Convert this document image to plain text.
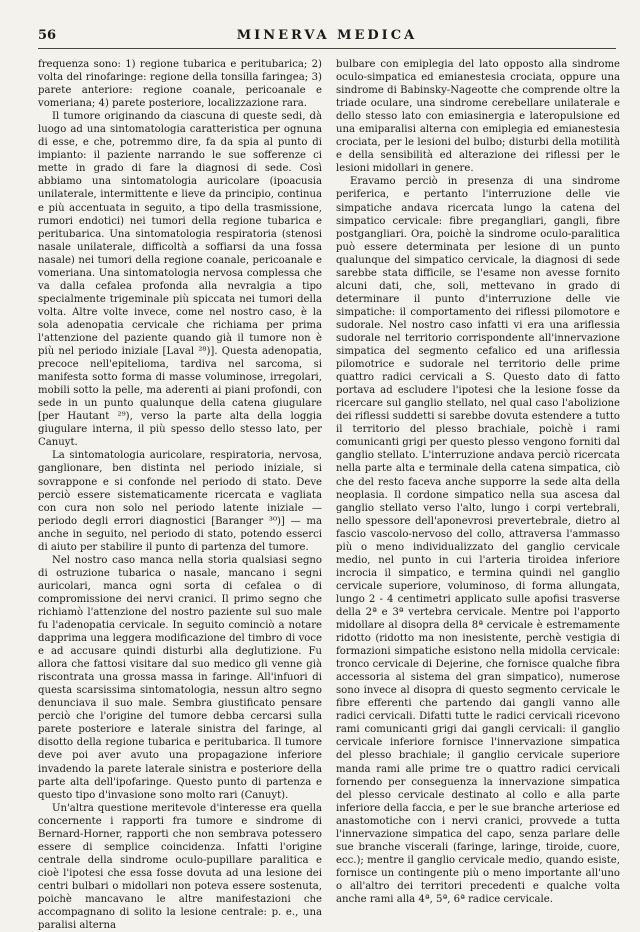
56	MINERVA MEDICA

frequenza sono: 1) regione tubarica e peritubarica; 2) volta del rinofaringe: regione della tonsilla faringea; 3) parete anteriore: regione coanale, pericoanale e vomeriana; 4) parete posteriore, localizzazione rara.

Il tumore originando da ciascuna di queste sedi, dà luogo ad una sintomatologia caratteristica per ognuna di esse, e che, potremmo dire, fa da spia al punto di impianto: il paziente narrando le sue sofferenze ci mette in grado di fare la diagnosi di sede. Così abbiamo una sintomatologia auricolare (ipoacusia unilaterale, intermittente e lieve da principio, continua e più accentuata in seguito, a tipo della trasmissione, rumori endotici) nei tumori della regione tubarica e peritubarica. Una sintomatologia respiratoria (stenosi nasale unilaterale, difficoltà a soffiarsi da una fossa nasale) nei tumori della regione coanale, pericoanale e vomeriana. Una sintomatologia nervosa complessa che va dalla cefalea profonda alla nevralgia a tipo specialmente trigeminale più spiccata nei tumori della volta. Altre volte invece, come nel nostro caso, è la sola adenopatia cervicale che richiama per prima l'attenzione del paziente quando già il tumore non è più nel periodo iniziale [Laval ²⁸)]. Questa adenopatia, precoce nell'epitelioma, tardiva nel sarcoma, si manifesta sotto forma di masse voluminose, irregolari, mobili sotto la pelle, ma aderenti ai piani profondi, con sede in un punto qualunque della catena giugulare [per Hautant ²⁹), verso la parte alta della loggia giugulare interna, il più spesso dello stesso lato, per Canuyt.

La sintomatologia auricolare, respiratoria, nervosa, ganglionare, ben distinta nel periodo iniziale, si sovrappone e si confonde nel periodo di stato. Deve perciò essere sistematicamente ricercata e vagliata con cura non solo nel periodo latente iniziale — periodo degli errori diagnostici [Baranger ³⁰)] — ma anche in seguito, nel periodo di stato, potendo esserci di aiuto per stabilire il punto di partenza del tumore.

Nel nostro caso manca nella storia qualsiasi segno di ostruzione tubarica o nasale, mancano i segni auricolari, manca ogni sorta di cefalea o di compromissione dei nervi cranici. Il primo segno che richiamò l'attenzione del nostro paziente sul suo male fu l'adenopatia cervicale. In seguito cominciò a notare dapprima una leggera modificazione del timbro di voce e ad accusare quindi disturbi alla deglutizione. Fu allora che fattosi visitare dal suo medico gli venne già riscontrata una grossa massa in faringe. All'infuori di questa scarsissima sintomatologia, nessun altro segno denunciava il suo male. Sembra giustificato pensare perciò che l'origine del tumore debba cercarsi sulla parete posteriore e laterale sinistra del faringe, al disotto della regione tubarica e peritubarica. Il tumore deve poi aver avuto una propagazione inferiore invadendo la parete laterale sinistra e posteriore della parte alta dell'ipofaringe. Questo punto di partenza e questo tipo d'invasione sono molto rari (Canuyt).

Un'altra questione meritevole d'interesse era quella concernente i rapporti fra tumore e sindrome di Bernard-Horner, rapporti che non sembrava potessero essere di semplice coincidenza. Infatti l'origine centrale della sindrome oculo-pupillare paralitica e cioè l'ipotesi che essa fosse dovuta ad una lesione dei centri bulbari o midollari non poteva essere sostenuta, poichè mancavano le altre manifestazioni che accompagnano di solito la lesione centrale: p. e., una paralisi alterna

bulbare con emiplegia del lato opposto alla sindrome oculo-simpatica ed emianestesia crociata, oppure una sindrome di Babinsky-Nageotte che comprende oltre la triade oculare, una sindrome cerebellare unilaterale e dello stesso lato con emiasinergia e lateropulsione ed una emiparalisi alterna con emiplegia ed emianestesia crociata, per le lesioni del bulbo; disturbi della motilità e della sensibilità ed alterazione dei riflessi per le lesioni midollari in genere.

Eravamo perciò in presenza di una sindrome periferica, e pertanto l'interruzione delle vie simpatiche andava ricercata lungo la catena del simpatico cervicale: fibre pregangliari, gangli, fibre postgangliari. Ora, poichè la sindrome oculo-paralitica può essere determinata per lesione di un punto qualunque del simpatico cervicale, la diagnosi di sede sarebbe stata difficile, se l'esame non avesse fornito alcuni dati, che, soli, mettevano in grado di determinare il punto d'interruzione delle vie simpatiche: il comportamento dei riflessi pilomotore e sudorale. Nel nostro caso infatti vi era una ariflessia sudorale nel territorio corrispondente all'innervazione simpatica del segmento cefalico ed una ariflessia pilomotrice e sudorale nel territorio delle prime quattro radici cervicali a S. Questo dato di fatto portava ad escludere l'ipotesi che la lesione fosse da ricercare sul ganglio stellato, nel qual caso l'abolizione dei riflessi suddetti si sarebbe dovuta estendere a tutto il territorio del plesso brachiale, poichè i rami comunicanti grigi per questo plesso vengono forniti dal ganglio stellato. L'interruzione andava perciò ricercata nella parte alta e terminale della catena simpatica, ciò che del resto faceva anche supporre la sede alta della neoplasia. Il cordone simpatico nella sua ascesa dal ganglio stellato verso l'alto, lungo i corpi vertebrali, nello spessore dell'aponevrosi prevertebrale, dietro al fascio vascolo-nervoso del collo, attraversa l'ammasso più o meno individualizzato del ganglio cervicale medio, nel punto in cui l'arteria tiroidea inferiore incrocia il simpatico, e termina quindi nel ganglio cervicale superiore, voluminoso, di forma allungata, lungo 2 - 4 centimetri applicato sulle apofisi trasverse della 2ª e 3ª vertebra cervicale. Mentre poi l'apporto midollare al disopra della 8ª cervicale è estremamente ridotto (ridotto ma non inesistente, perchè vestigia di formazioni simpatiche esistono nella midolla cervicale: tronco cervicale di Dejerine, che fornisce qualche fibra accessoria al sistema del gran simpatico), numerose sono invece al disopra di questo segmento cervicale le fibre efferenti che partendo dai gangli vanno alle radici cervicali. Difatti tutte le radici cervicali ricevono rami comunicanti grigi dai gangli cervicali: il ganglio cervicale inferiore fornisce l'innervazione simpatica del plesso brachiale; il ganglio cervicale superiore manda rami alle prime tre o quattro radici cervicali fornendo per conseguenza la innervazione simpatica del plesso cervicale destinato al collo e alla parte inferiore della faccia, e per le sue branche arteriose ed anastomotiche con i nervi cranici, provvede a tutta l'innervazione simpatica del capo, senza parlare delle sue branche viscerali (faringe, laringe, tiroide, cuore, ecc.); mentre il ganglio cervicale medio, quando esiste, fornisce un contingente più o meno importante all'uno o all'altro dei territori precedenti e qualche volta anche rami alla 4ª, 5ª, 6ª radice cervicale.
